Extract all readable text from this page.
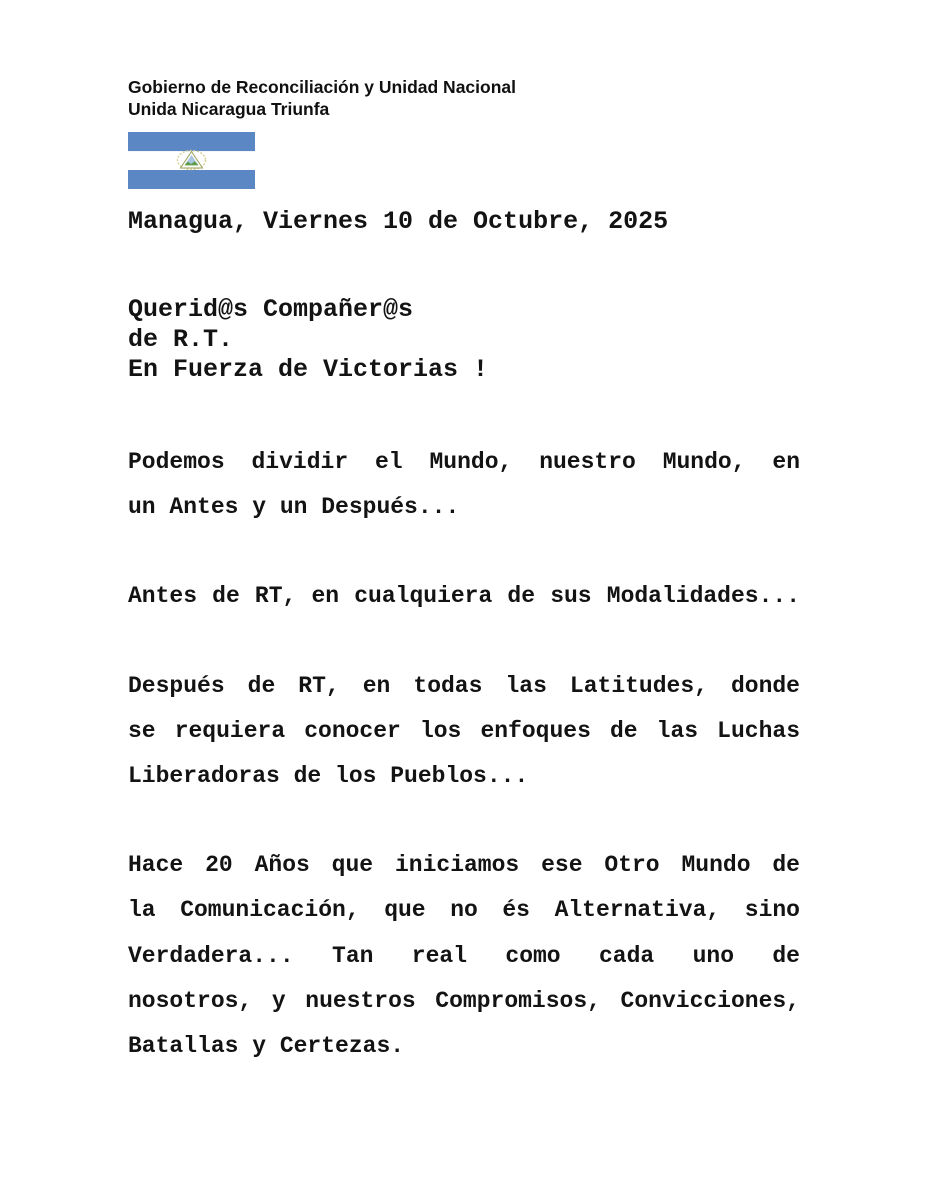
Gobierno de Reconciliación y Unidad Nacional
Unida Nicaragua Triunfa
Managua, Viernes 10 de Octubre, 2025
Querid@s Compañer@s
de R.T.
En Fuerza de Victorias !
Podemos dividir el Mundo, nuestro Mundo, en
un Antes y un Después...
Antes de RT, en cualquiera de sus Modalidades...
Después de RT, en todas las Latitudes, donde
se requiera conocer los enfoques de las Luchas
Liberadoras de los Pueblos...
Hace 20 Años que iniciamos ese Otro Mundo de
la Comunicación, que no és Alternativa, sino
Verdadera... Tan real como cada uno de
nosotros, y nuestros Compromisos, Convicciones,
Batallas y Certezas.
